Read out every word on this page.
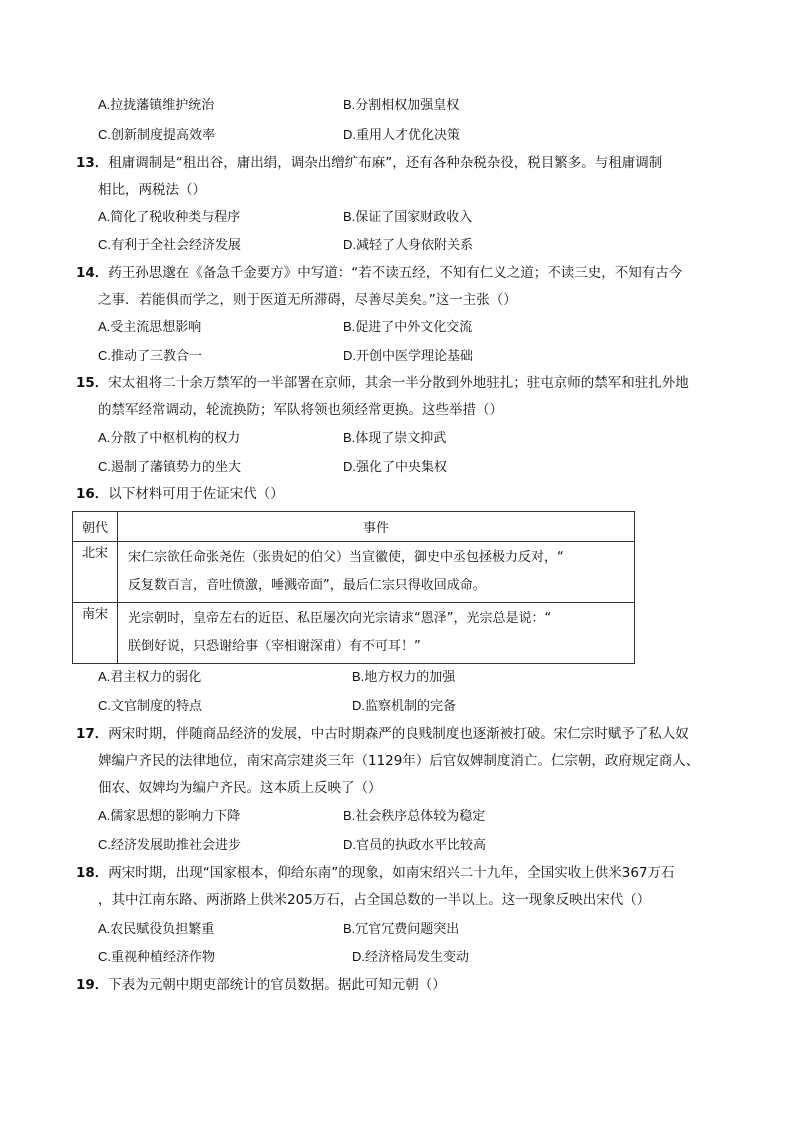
A.拉拢藩镇维护统治	B.分割相权加强皇权
C.创新制度提高效率	D.重用人才优化决策
13．租庸调制是“租出谷，庸出绢，调杂出缯纩布麻”，还有各种杂税杂役，税目繁多。与租庸调制
相比，两税法（）
A.简化了税收种类与程序	B.保证了国家财政收入
C.有利于全社会经济发展	D.减轻了人身依附关系
14．药王孙思邈在《备急千金要方》中写道：“若不读五经，不知有仁义之道；不读三史，不知有古今
之事．若能俱而学之，则于医道无所滞碍，尽善尽美矣。”这一主张（）
A.受主流思想影响	B.促进了中外文化交流
C.推动了三教合一	D.开创中医学理论基础
15．宋太祖将二十余万禁军的一半部署在京师，其余一半分散到外地驻扎；驻屯京师的禁军和驻扎外地
的禁军经常调动，轮流换防；军队将领也须经常更换。这些举措（）
A.分散了中枢机构的权力	B.体现了崇文抑武
C.遏制了藩镇势力的坐大	D.强化了中央集权
16．以下材料可用于佐证宋代（）
朝代	事件
北宋	宋仁宗欲任命张尧佐（张贵妃的伯父）当宣徽使，御史中丞包拯极力反对，“
反复数百言，音吐愤激，唾溅帝面”，最后仁宗只得收回成命。

南宋	光宗朝时，皇帝左右的近臣、私臣屡次向光宗请求“恩泽”，光宗总是说：“
朕倒好说，只恐谢给事（宰相谢深甫）有不可耳！”
A.君主权力的弱化	B.地方权力的加强
C.文官制度的特点	D.监察机制的完备
17．两宋时期，伴随商品经济的发展，中古时期森严的良贱制度也逐渐被打破。宋仁宗时赋予了私人奴
婢编户齐民的法律地位，南宋高宗建炎三年（1129年）后官奴婢制度消亡。仁宗朝，政府规定商人、
佃农、奴婢均为编户齐民。这本质上反映了（）
A.儒家思想的影响力下降	B.社会秩序总体较为稳定
C.经济发展助推社会进步	D.官员的执政水平比较高
18．两宋时期，出现“国家根本，仰给东南”的现象，如南宋绍兴二十九年，全国实收上供米367万石
，其中江南东路、两浙路上供米205万石，占全国总数的一半以上。这一现象反映出宋代（）
A.农民赋役负担繁重	B.冗官冗费问题突出
C.重视种植经济作物	D.经济格局发生变动
19．下表为元朝中期吏部统计的官员数据。据此可知元朝（）
